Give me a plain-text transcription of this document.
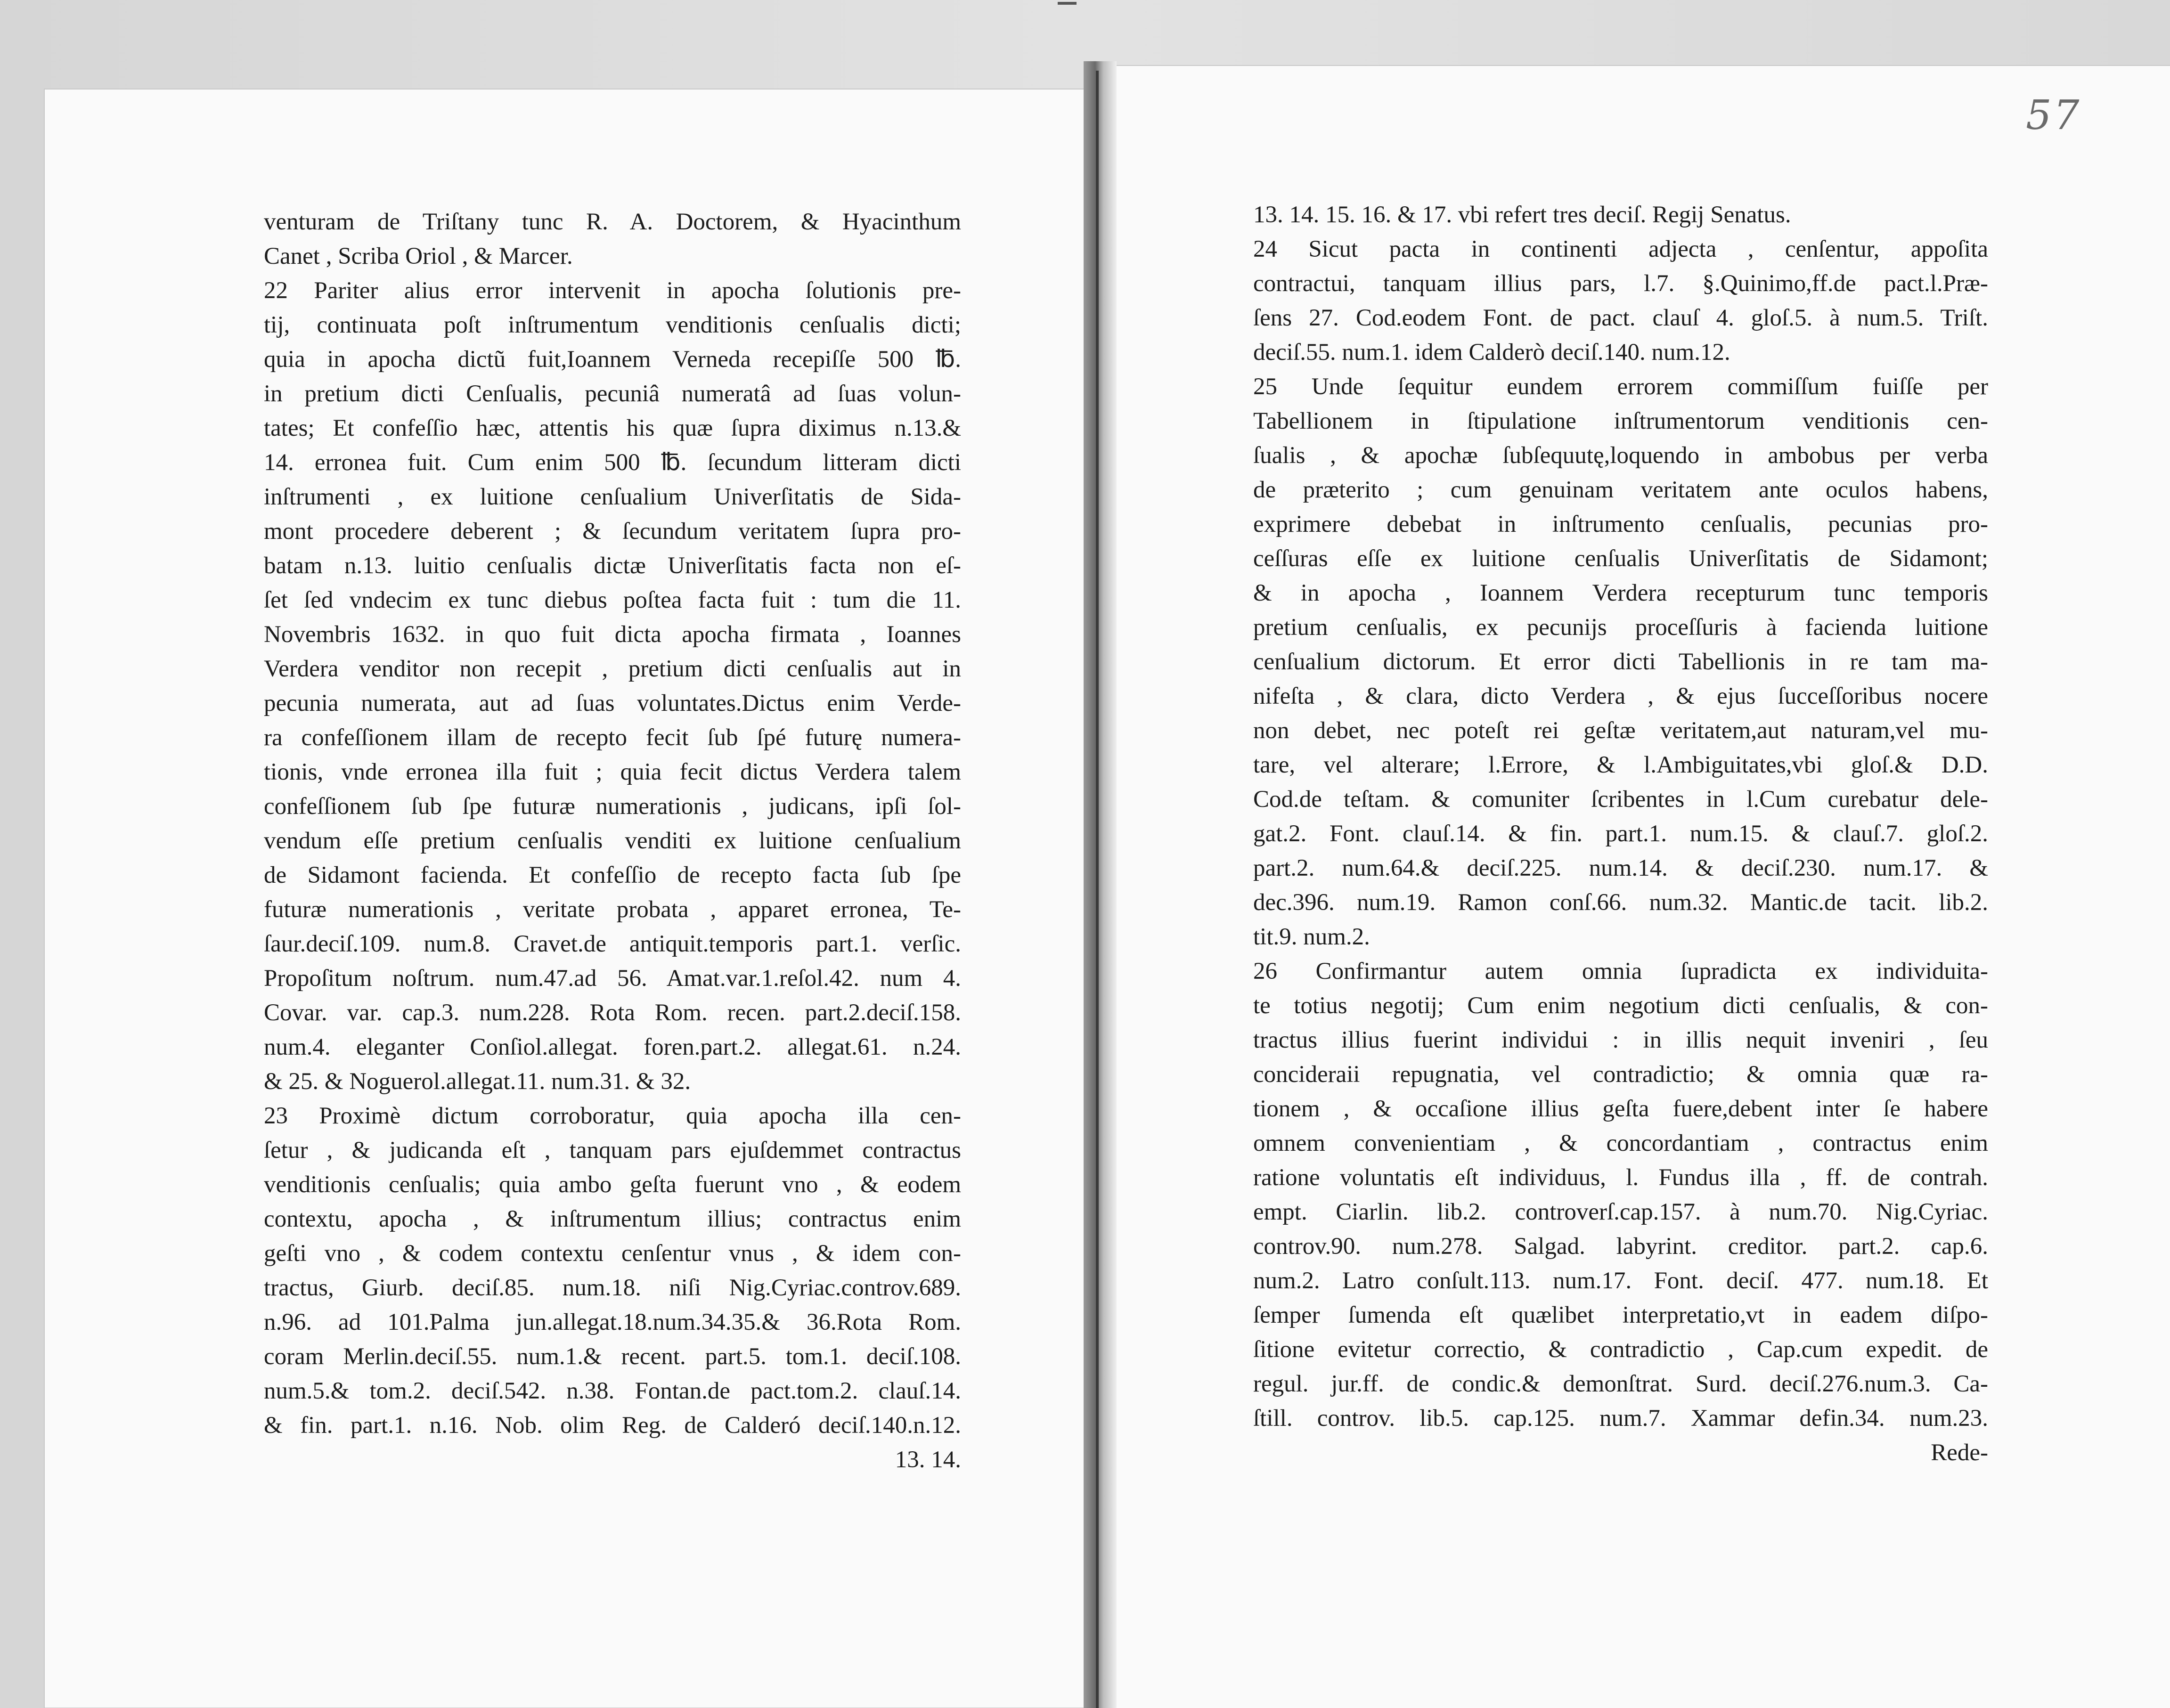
57
venturam de Triſtany tunc R. A. Doctorem, & Hyacinthum
Canet , Scriba Oriol , & Marcer.
22 Pariter alius error intervenit in apocha ſolutionis pre-
tij, continuata poſt inſtrumentum venditionis cenſualis dicti;
quia in apocha dictũ fuit,Ioannem Verneda recepiſſe 500 ℔.
in pretium dicti Cenſualis, pecuniâ numeratâ ad ſuas volun-
tates; Et confeſſio hæc, attentis his quæ ſupra diximus n.13.&
14. erronea fuit. Cum enim 500 ℔. ſecundum litteram dicti
inſtrumenti , ex luitione cenſualium Univerſitatis de Sida-
mont procedere deberent ; & ſecundum veritatem ſupra pro-
batam n.13. luitio cenſualis dictæ Univerſitatis facta non eſ-
ſet ſed vndecim ex tunc diebus poſtea facta fuit : tum die 11.
Novembris 1632. in quo fuit dicta apocha firmata , Ioannes
Verdera venditor non recepit , pretium dicti cenſualis aut in
pecunia numerata, aut ad ſuas voluntates.Dictus enim Verde-
ra confeſſionem illam de recepto fecit ſub ſpé futurę numera-
tionis, vnde erronea illa fuit ; quia fecit dictus Verdera talem
confeſſionem ſub ſpe futuræ numerationis , judicans, ipſi ſol-
vendum eſſe pretium cenſualis venditi ex luitione cenſualium
de Sidamont facienda. Et confeſſio de recepto facta ſub ſpe
futuræ numerationis , veritate probata , apparet erronea, Te-
ſaur.deciſ.109. num.8. Cravet.de antiquit.temporis part.1. verſic.
Propoſitum noſtrum. num.47.ad 56. Amat.var.1.reſol.42. num 4.
Covar. var. cap.3. num.228. Rota Rom. recen. part.2.deciſ.158.
num.4. eleganter Conſiol.allegat. foren.part.2. allegat.61. n.24.
& 25. & Noguerol.allegat.11. num.31. & 32.
23 Proximè dictum corroboratur, quia apocha illa cen-
ſetur , & judicanda eſt , tanquam pars ejuſdemmet contractus
venditionis cenſualis; quia ambo geſta fuerunt vno , & eodem
contextu, apocha , & inſtrumentum illius; contractus enim
geſti vno , & codem contextu cenſentur vnus , & idem con-
tractus, Giurb. deciſ.85. num.18. niſi Nig.Cyriac.controv.689.
n.96. ad 101.Palma jun.allegat.18.num.34.35.& 36.Rota Rom.
coram Merlin.deciſ.55. num.1.& recent. part.5. tom.1. deciſ.108.
num.5.& tom.2. deciſ.542. n.38. Fontan.de pact.tom.2. clauſ.14.
& fin. part.1. n.16. Nob. olim Reg. de Calderó deciſ.140.n.12.
13. 14.
13. 14. 15. 16. & 17. vbi refert tres deciſ. Regij Senatus.
24 Sicut pacta in continenti adjecta , cenſentur, appoſita
contractui, tanquam illius pars, l.7. §.Quinimo,ff.de pact.l.Præ-
ſens 27. Cod.eodem Font. de pact. clauſ 4. gloſ.5. à num.5. Triſt.
deciſ.55. num.1. idem Calderò deciſ.140. num.12.
25 Unde ſequitur eundem errorem commiſſum fuiſſe per
Tabellionem in ſtipulatione inſtrumentorum venditionis cen-
ſualis , & apochæ ſubſequutę,loquendo in ambobus per verba
de præterito ; cum genuinam veritatem ante oculos habens,
exprimere debebat in inſtrumento cenſualis, pecunias pro-
ceſſuras eſſe ex luitione cenſualis Univerſitatis de Sidamont;
& in apocha , Ioannem Verdera recepturum tunc temporis
pretium cenſualis, ex pecunijs proceſſuris à facienda luitione
cenſualium dictorum. Et error dicti Tabellionis in re tam ma-
nifeſta , & clara, dicto Verdera , & ejus ſucceſſoribus nocere
non debet, nec poteſt rei geſtæ veritatem,aut naturam,vel mu-
tare, vel alterare; l.Errore, & l.Ambiguitates,vbi gloſ.& D.D.
Cod.de teſtam. & comuniter ſcribentes in l.Cum curebatur dele-
gat.2. Font. clauſ.14. & fin. part.1. num.15. & clauſ.7. gloſ.2.
part.2. num.64.& deciſ.225. num.14. & deciſ.230. num.17. &
dec.396. num.19. Ramon conſ.66. num.32. Mantic.de tacit. lib.2.
tit.9. num.2.
26 Confirmantur autem omnia ſupradicta ex individuita-
te totius negotij; Cum enim negotium dicti cenſualis, & con-
tractus illius fuerint individui : in illis nequit inveniri , ſeu
concideraii repugnatia, vel contradictio; & omnia quæ ra-
tionem , & occaſione illius geſta fuere,debent inter ſe habere
omnem convenientiam , & concordantiam , contractus enim
ratione voluntatis eſt individuus, l. Fundus illa , ff. de contrah.
empt. Ciarlin. lib.2. controverſ.cap.157. à num.70. Nig.Cyriac.
controv.90. num.278. Salgad. labyrint. creditor. part.2. cap.6.
num.2. Latro conſult.113. num.17. Font. deciſ. 477. num.18. Et
ſemper ſumenda eſt quælibet interpretatio,vt in eadem diſpo-
ſitione evitetur correctio, & contradictio , Cap.cum expedit. de
regul. jur.ff. de condic.& demonſtrat. Surd. deciſ.276.num.3. Ca-
ſtill. controv. lib.5. cap.125. num.7. Xammar defin.34. num.23.
Rede-
